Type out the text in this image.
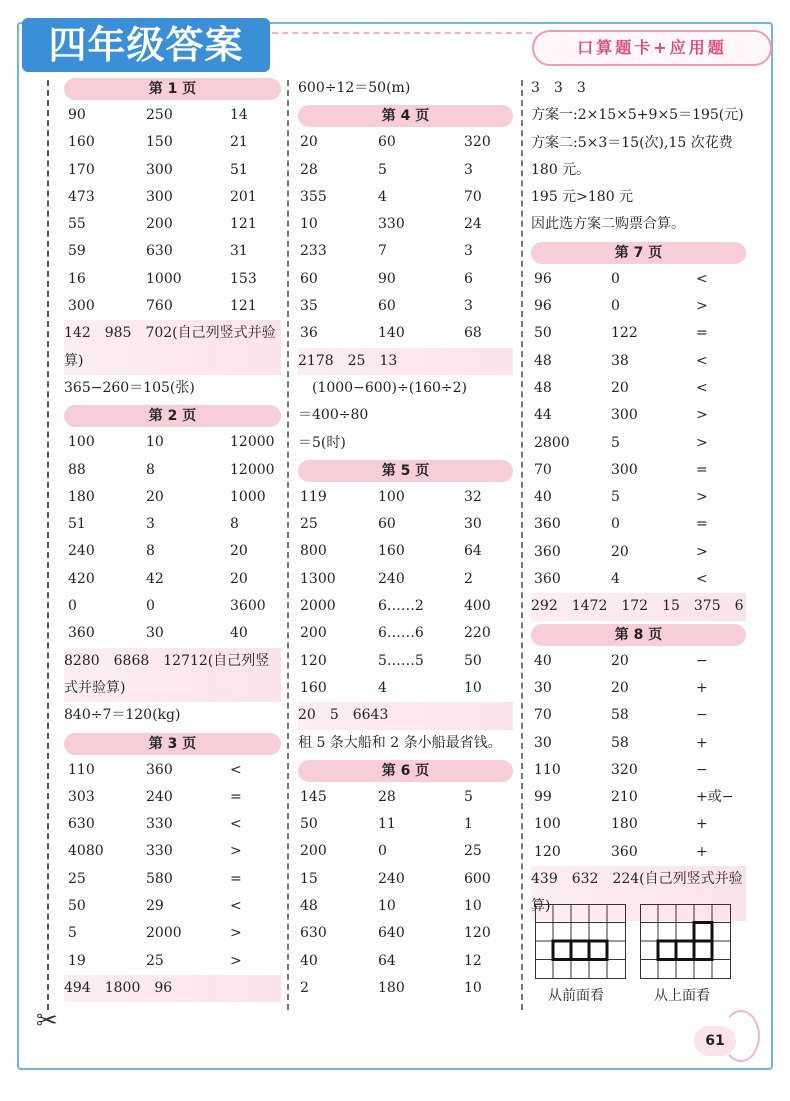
四年级答案	口算题卡+应用题
✂
第 1 页
90	250	14
160	150	21
170	300	51
473	300	201
55	200	121
59	630	31
16	1000	153
300	760	121
142　985　702(自己列竖式并验算)
365−260＝105(张)
第 2 页
100	10	12000
88	8	12000
180	20	1000
51	3	8
240	8	20
420	42	20
0	0	3600
360	30	40
8280　6868　12712(自己列竖式并验算)
840÷7＝120(kg)
第 3 页
110	360	<
303	240	=
630	330	<
4080	330	>
25	580	=
50	29	<
5	2000	>
19	25	>
494　1800　96
600÷12＝50(m)
第 4 页
20	60	320
28	5	3
355	4	70
10	330	24
233	7	3
60	90	6
35	60	3
36	140	68
2178　25　13
　(1000−600)÷(160÷2)
＝400÷80
＝5(时)
第 5 页
119	100	32
25	60	30
800	160	64
1300	240	2
2000	6……2	400
200	6……6	220
120	5……5	50
160	4	10
20　5　6643
租 5 条大船和 2 条小船最省钱。
第 6 页
145	28	5
50	11	1
200	0	25
15	240	600
48	10	10
630	640	120
40	64	12
2	180	10
3　3　3
方案一:2×15×5+9×5＝195(元)
方案二:5×3＝15(次),15 次花费 180 元。
195 元>180 元
因此选方案二购票合算。
第 7 页
96	0	<
96	0	>
50	122	=
48	38	<
48	20	<
44	300	>
2800	5	>
70	300	=
40	5	>
360	0	=
360	20	>
360	4	<
292　1472　172　15　375　6
第 8 页
40	20	−
30	20	+
70	58	−
30	58	+
110	320	−
99	210	+或−
100	180	+
120	360	+
439　632　224(自己列竖式并验算)
从前面看	从上面看
61
